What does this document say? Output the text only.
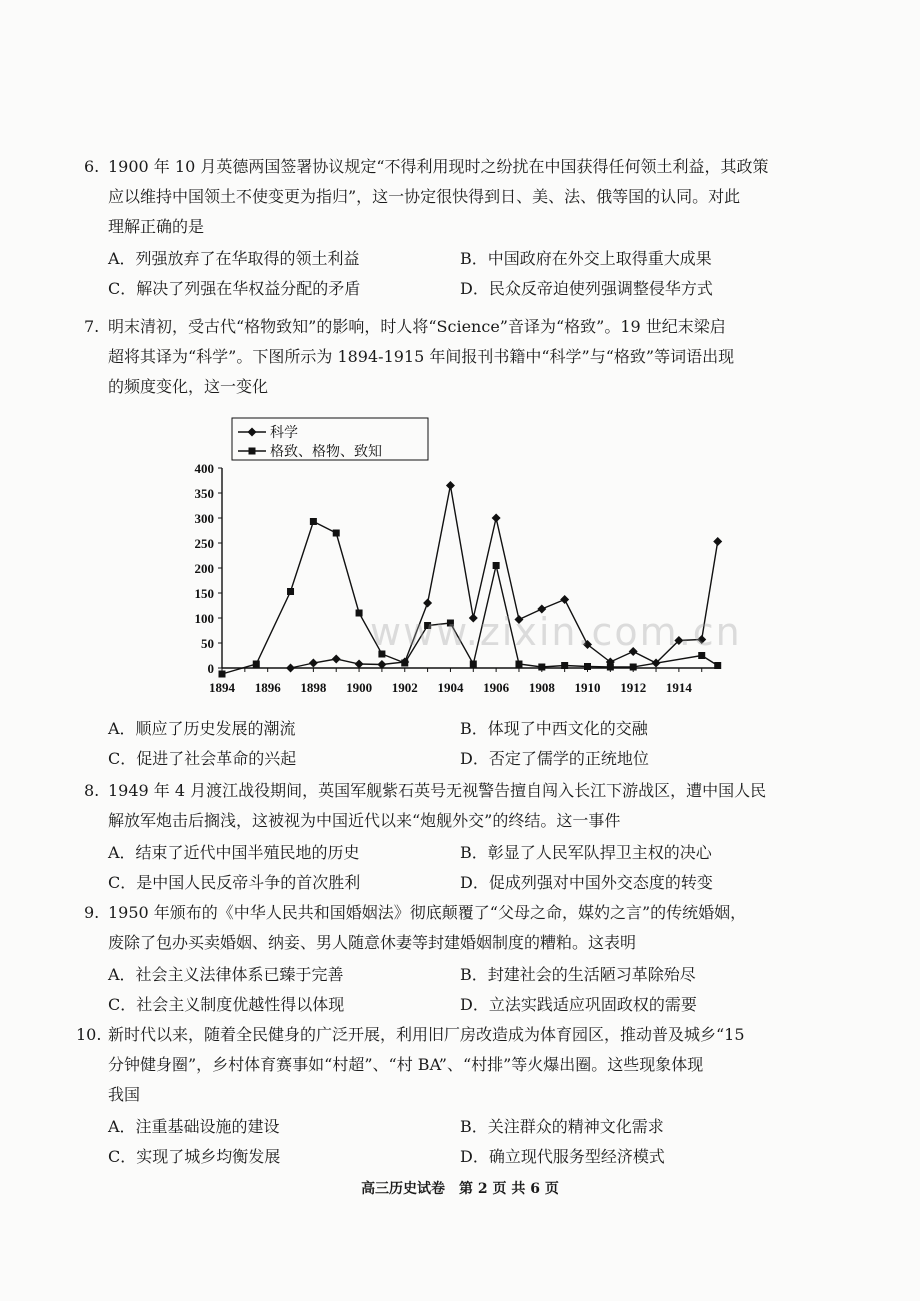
6. 1900 年 10 月英德两国签署协议规定“不得利用现时之纷扰在中国获得任何领土利益，其政策
应以维持中国领土不使变更为指归”，这一协定很快得到日、美、法、俄等国的认同。对此
理解正确的是
A．列强放弃了在华取得的领土利益	B．中国政府在外交上取得重大成果
C．解决了列强在华权益分配的矛盾	D．民众反帝迫使列强调整侵华方式
7. 明末清初，受古代“格物致知”的影响，时人将“Science”音译为“格致”。19 世纪末梁启
超将其译为“科学”。下图所示为 1894-1915 年间报刊书籍中“科学”与“格致”等词语出现
的频度变化，这一变化
A．顺应了历史发展的潮流	B．体现了中西文化的交融
C．促进了社会革命的兴起	D．否定了儒学的正统地位
8. 1949 年 4 月渡江战役期间，英国军舰紫石英号无视警告擅自闯入长江下游战区，遭中国人民
解放军炮击后搁浅，这被视为中国近代以来“炮舰外交”的终结。这一事件
A．结束了近代中国半殖民地的历史	B．彰显了人民军队捍卫主权的决心
C．是中国人民反帝斗争的首次胜利	D．促成列强对中国外交态度的转变
9. 1950 年颁布的《中华人民共和国婚姻法》彻底颠覆了“父母之命，媒妁之言”的传统婚姻，
废除了包办买卖婚姻、纳妾、男人随意休妻等封建婚姻制度的糟粕。这表明
A．社会主义法律体系已臻于完善	B．封建社会的生活陋习革除殆尽
C．社会主义制度优越性得以体现	D．立法实践适应巩固政权的需要
10. 新时代以来，随着全民健身的广泛开展，利用旧厂房改造成为体育园区，推动普及城乡“15
分钟健身圈”，乡村体育赛事如“村超”、“村 BA”、“村排”等火爆出圈。这些现象体现
我国
A．注重基础设施的建设	B．关注群众的精神文化需求
C．实现了城乡均衡发展	D．确立现代服务型经济模式
0
50
100
150
200
250
300
350
400
1894 1896 1898 1900 1902 1904 1906 1908 1910 1912 1914
科学
格致、格物、致知
www.zixin.com.cn
高三历史试卷　第 2 页 共 6 页
